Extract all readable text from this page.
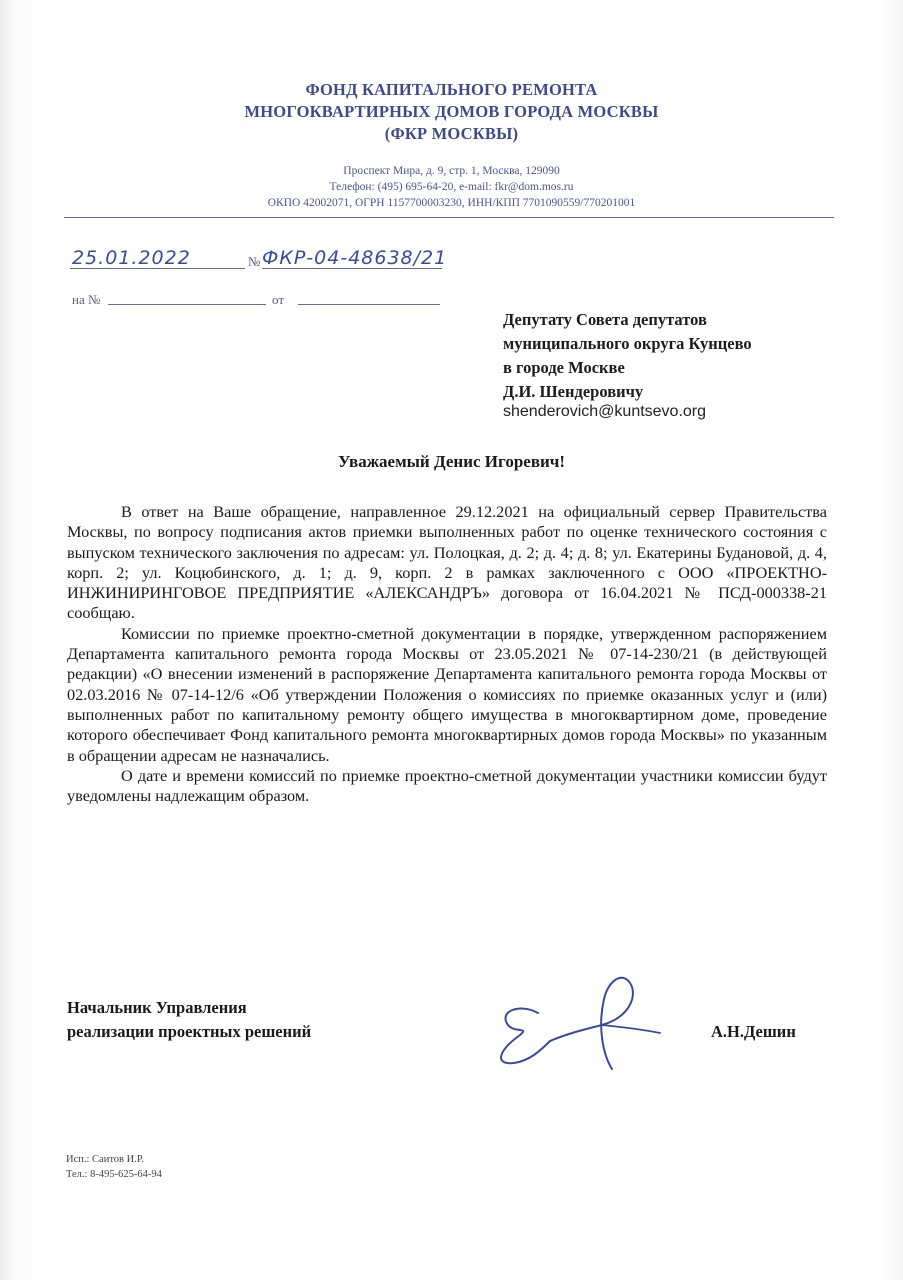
ФОНД КАПИТАЛЬНОГО РЕМОНТА
МНОГОКВАРТИРНЫХ ДОМОВ ГОРОДА МОСКВЫ
(ФКР МОСКВЫ)
Проспект Мира, д. 9, стр. 1, Москва, 129090
Телефон: (495) 695-64-20, e-mail: fkr@dom.mos.ru
ОКПО 42002071, ОГРН 1157700003230, ИНН/КПП 7701090559/770201001
25.01.2022	№ ФКР-04-48638/21
на №	от
Депутату Совета депутатов
муниципального округа Кунцево
в городе Москве
Д.И. Шендеровичу
shenderovich@kuntsevo.org
Уважаемый Денис Игоревич!

В ответ на Ваше обращение, направленное 29.12.2021 на официальный сервер Правительства Москвы, по вопросу подписания актов приемки выполненных работ по оценке технического состояния с выпуском технического заключения по адресам: ул. Полоцкая, д. 2; д. 4; д. 8; ул. Екатерины Будановой, д. 4, корп. 2; ул. Коцюбинского, д. 1; д. 9, корп. 2 в рамках заключенного с ООО «ПРОЕКТНО-ИНЖИНИРИНГОВОЕ ПРЕДПРИЯТИЕ «АЛЕКСАНДРЪ» договора от 16.04.2021 № ПСД-000338-21 сообщаю.

Комиссии по приемке проектно-сметной документации в порядке, утвержденном распоряжением Департамента капитального ремонта города Москвы от 23.05.2021 № 07-14-230/21 (в действующей редакции) «О внесении изменений в распоряжение Департамента капитального ремонта города Москвы от 02.03.2016 № 07-14-12/6 «Об утверждении Положения о комиссиях по приемке оказанных услуг и (или) выполненных работ по капитальному ремонту общего имущества в многоквартирном доме, проведение которого обеспечивает Фонд капитального ремонта многоквартирных домов города Москвы» по указанным в обращении адресам не назначались.

О дате и времени комиссий по приемке проектно-сметной документации участники комиссии будут уведомлены надлежащим образом.

Начальник Управления
реализации проектных решений	А.Н.Дешин
Исп.: Саитов И.Р.
Тел.: 8-495-625-64-94
